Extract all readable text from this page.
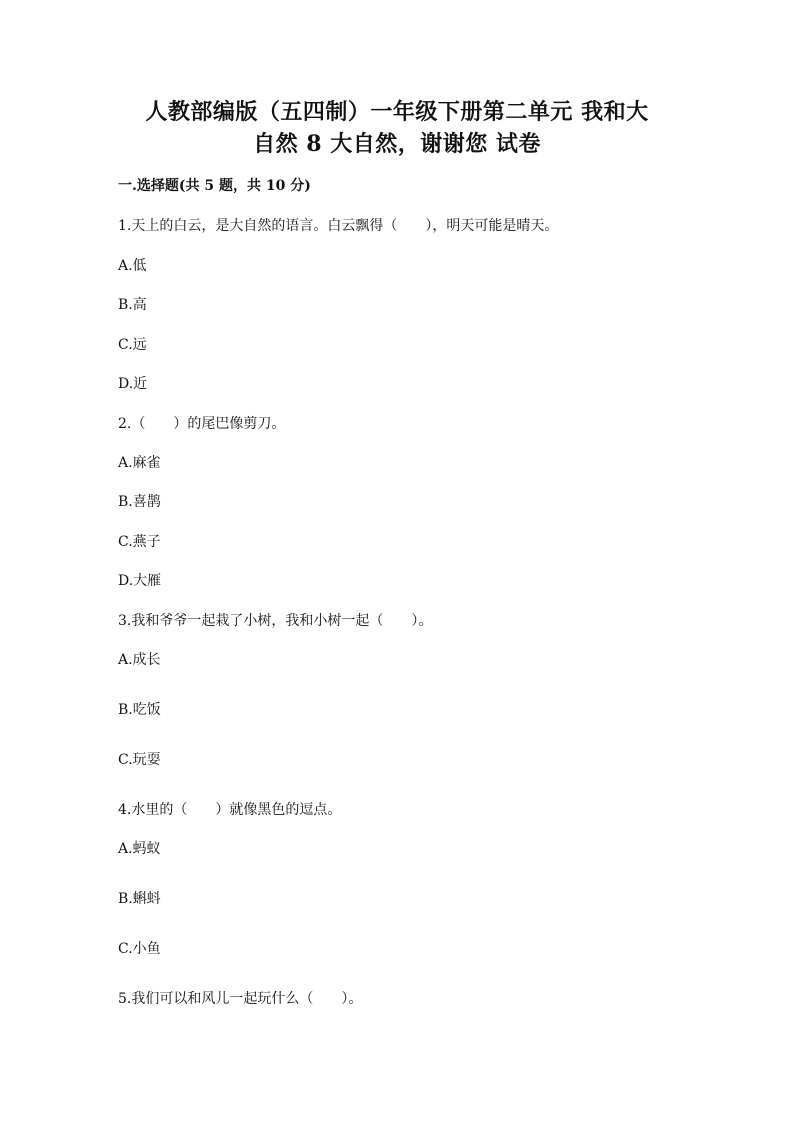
人教部编版（五四制）一年级下册第二单元 我和大
自然 8 大自然，谢谢您 试卷
一.选择题(共 5 题，共 10 分)
1.天上的白云，是大自然的语言。白云飘得（　　），明天可能是晴天。
A.低
B.高
C.远
D.近
2.（　　）的尾巴像剪刀。
A.麻雀
B.喜鹊
C.燕子
D.大雁
3.我和爷爷一起栽了小树，我和小树一起（　　）。
A.成长
B.吃饭
C.玩耍
4.水里的（　　）就像黑色的逗点。
A.蚂蚁
B.蝌蚪
C.小鱼
5.我们可以和风儿一起玩什么（　　）。
